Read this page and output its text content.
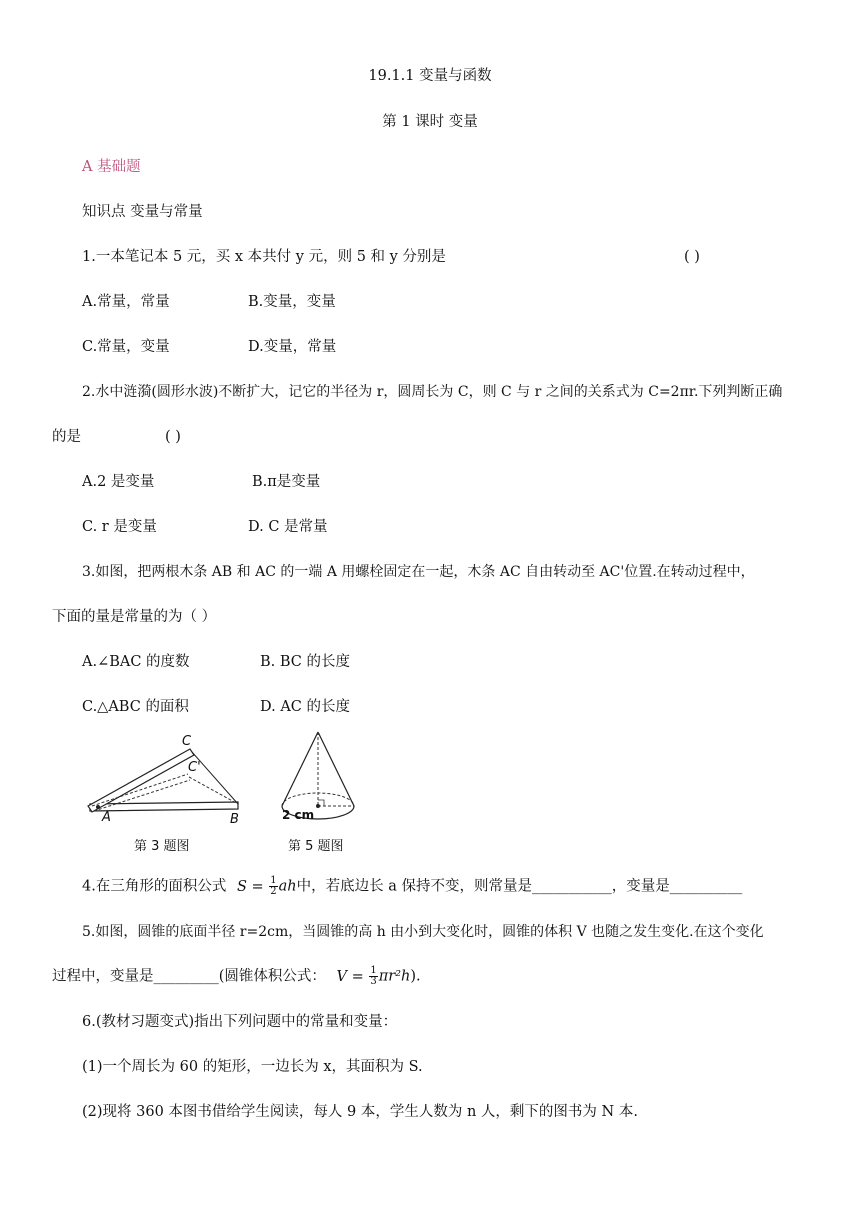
19.1.1 变量与函数
第 1 课时 变量
A 基础题
知识点 变量与常量
1.一本笔记本 5 元，买 x 本共付 y 元，则 5 和 y 分别是	( )
A.常量，常量	B.变量，变量
C.常量，变量	D.变量，常量
2.水中涟漪(圆形水波)不断扩大，记它的半径为 r，圆周长为 C，则 C 与 r 之间的关系式为 C=2πr.下列判断正确
的是	( )
A.2 是变量	B.π是变量
C. r 是变量	D. C 是常量
3.如图，把两根木条 AB 和 AC 的一端 A 用螺栓固定在一起，木条 AC 自由转动至 AC'位置.在转动过程中，
下面的量是常量的为（ ）
A.∠BAC 的度数	B. BC 的长度
C.△ABC 的面积	D. AC 的长度
C
C'
A	B
第 3 题图
2 cm
第 5 题图
4.在三角形的面积公式 $S = \frac{1}{2}$ ah中，若底边长 a 保持不变，则常量是___________，变量是__________
5.如图，圆锥的底面半径 r=2cm，当圆锥的高 h 由小到大变化时，圆锥的体积 V 也随之发生变化.在这个变化
过程中，变量是_________(圆锥体积公式： $V = \frac{1}{3} \pi r^2h$).
6.(教材习题变式)指出下列问题中的常量和变量：
(1)一个周长为 60 的矩形，一边长为 x，其面积为 S.
(2)现将 360 本图书借给学生阅读，每人 9 本，学生人数为 n 人，剩下的图书为 N 本.
